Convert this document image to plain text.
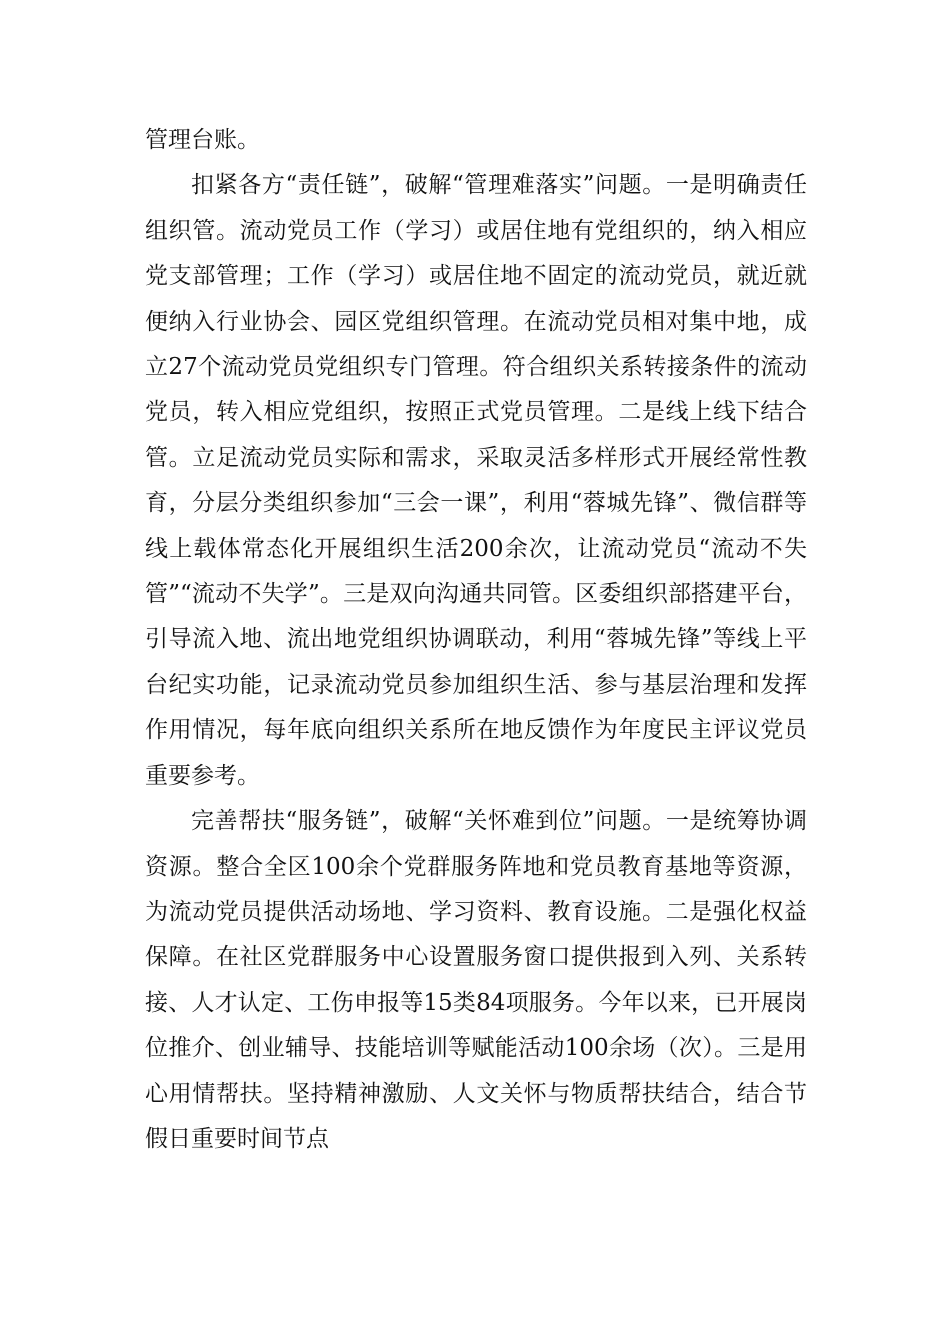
管理台账。

扣紧各方“责任链”，破解“管理难落实”问题。一是明确责任组织管。流动党员工作（学习）或居住地有党组织的，纳入相应党支部管理；工作（学习）或居住地不固定的流动党员，就近就便纳入行业协会、园区党组织管理。在流动党员相对集中地，成立27个流动党员党组织专门管理。符合组织关系转接条件的流动党员，转入相应党组织，按照正式党员管理。二是线上线下结合管。立足流动党员实际和需求，采取灵活多样形式开展经常性教育，分层分类组织参加“三会一课”，利用“蓉城先锋”、微信群等线上载体常态化开展组织生活200余次，让流动党员“流动不失管”“流动不失学”。三是双向沟通共同管。区委组织部搭建平台，引导流入地、流出地党组织协调联动，利用“蓉城先锋”等线上平台纪实功能，记录流动党员参加组织生活、参与基层治理和发挥作用情况，每年底向组织关系所在地反馈作为年度民主评议党员重要参考。

完善帮扶“服务链”，破解“关怀难到位”问题。一是统筹协调资源。整合全区100余个党群服务阵地和党员教育基地等资源，为流动党员提供活动场地、学习资料、教育设施。二是强化权益保障。在社区党群服务中心设置服务窗口提供报到入列、关系转接、人才认定、工伤申报等15类84项服务。今年以来，已开展岗位推介、创业辅导、技能培训等赋能活动100余场（次）。三是用心用情帮扶。坚持精神激励、人文关怀与物质帮扶结合，结合节假日重要时间节点
